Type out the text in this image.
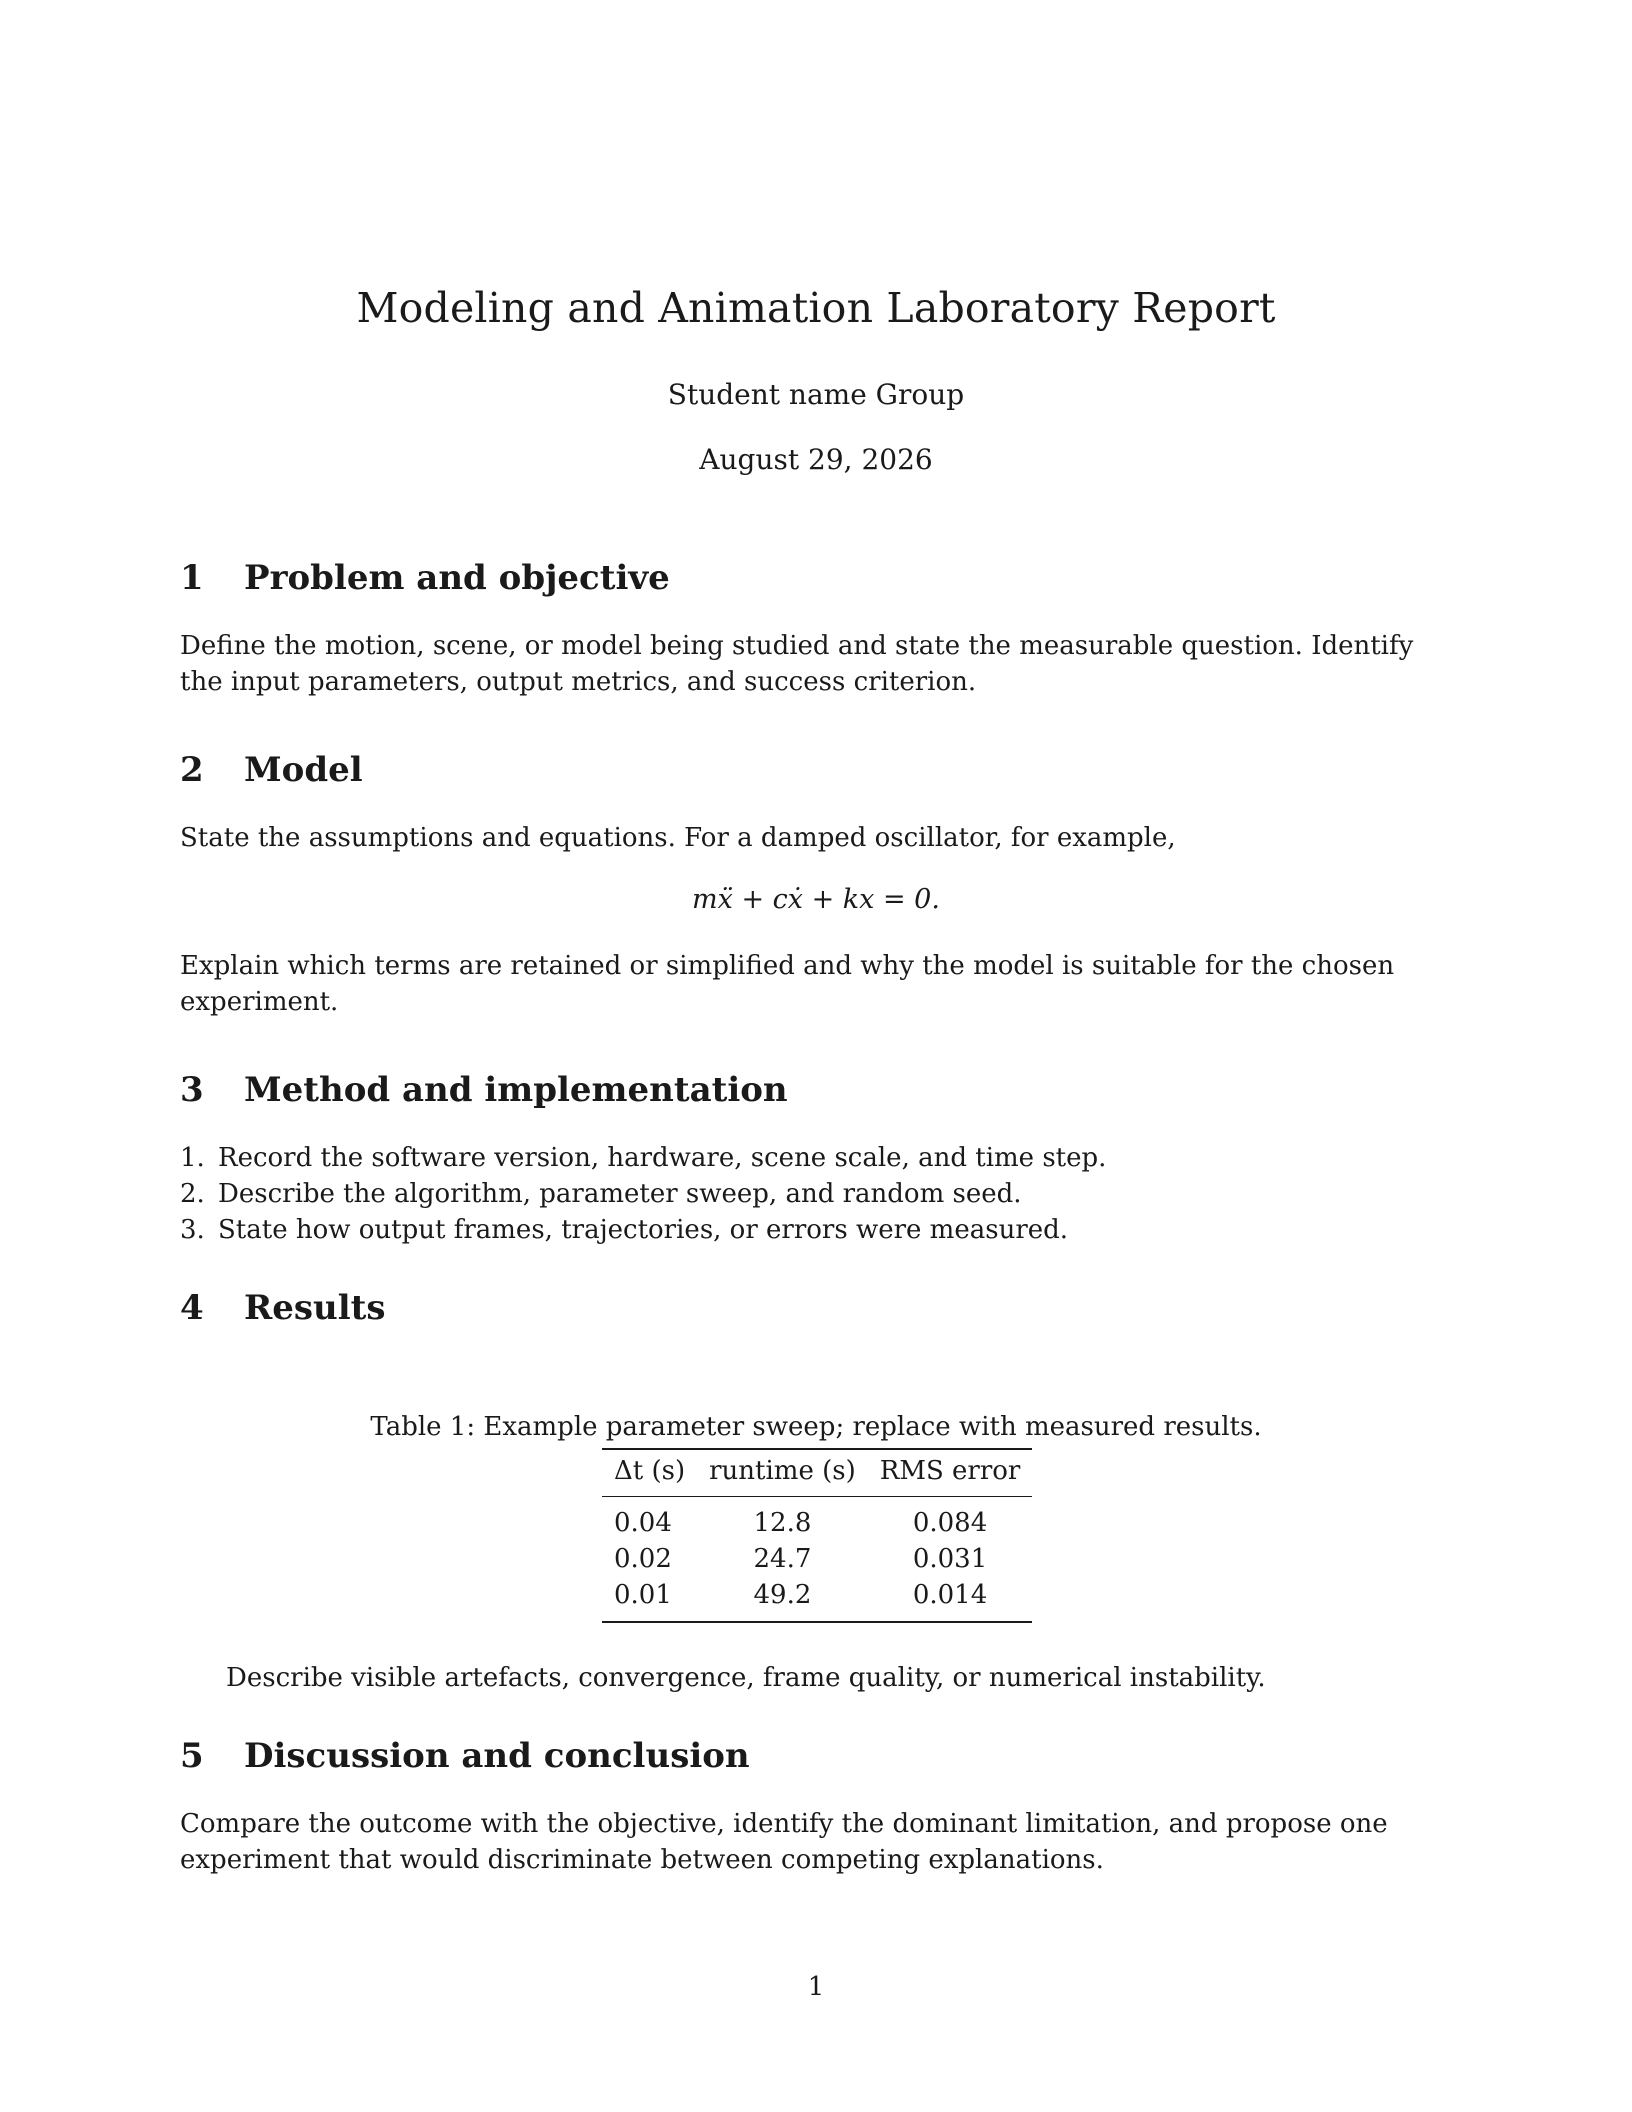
Modeling and Animation Laboratory Report

Student name Group

August 29, 2026

1 Problem and objective

Define the motion, scene, or model being studied and state the measurable question. Identify the input parameters, output metrics, and success criterion.

2 Model

State the assumptions and equations. For a damped oscillator, for example,

mẍ + cẋ + kx = 0.

Explain which terms are retained or simplified and why the model is suitable for the chosen experiment.

3 Method and implementation
1. Record the software version, hardware, scene scale, and time step.
2. Describe the algorithm, parameter sweep, and random seed.
3. State how output frames, trajectories, or errors were measured.
4 Results

Table 1: Example parameter sweep; replace with measured results.

Δt (s)	runtime (s)	RMS error
0.04	12.8	0.084
0.02	24.7	0.031
0.01	49.2	0.014

Describe visible artefacts, convergence, frame quality, or numerical instability.

5 Discussion and conclusion

Compare the outcome with the objective, identify the dominant limitation, and propose one experiment that would discriminate between competing explanations.

1
